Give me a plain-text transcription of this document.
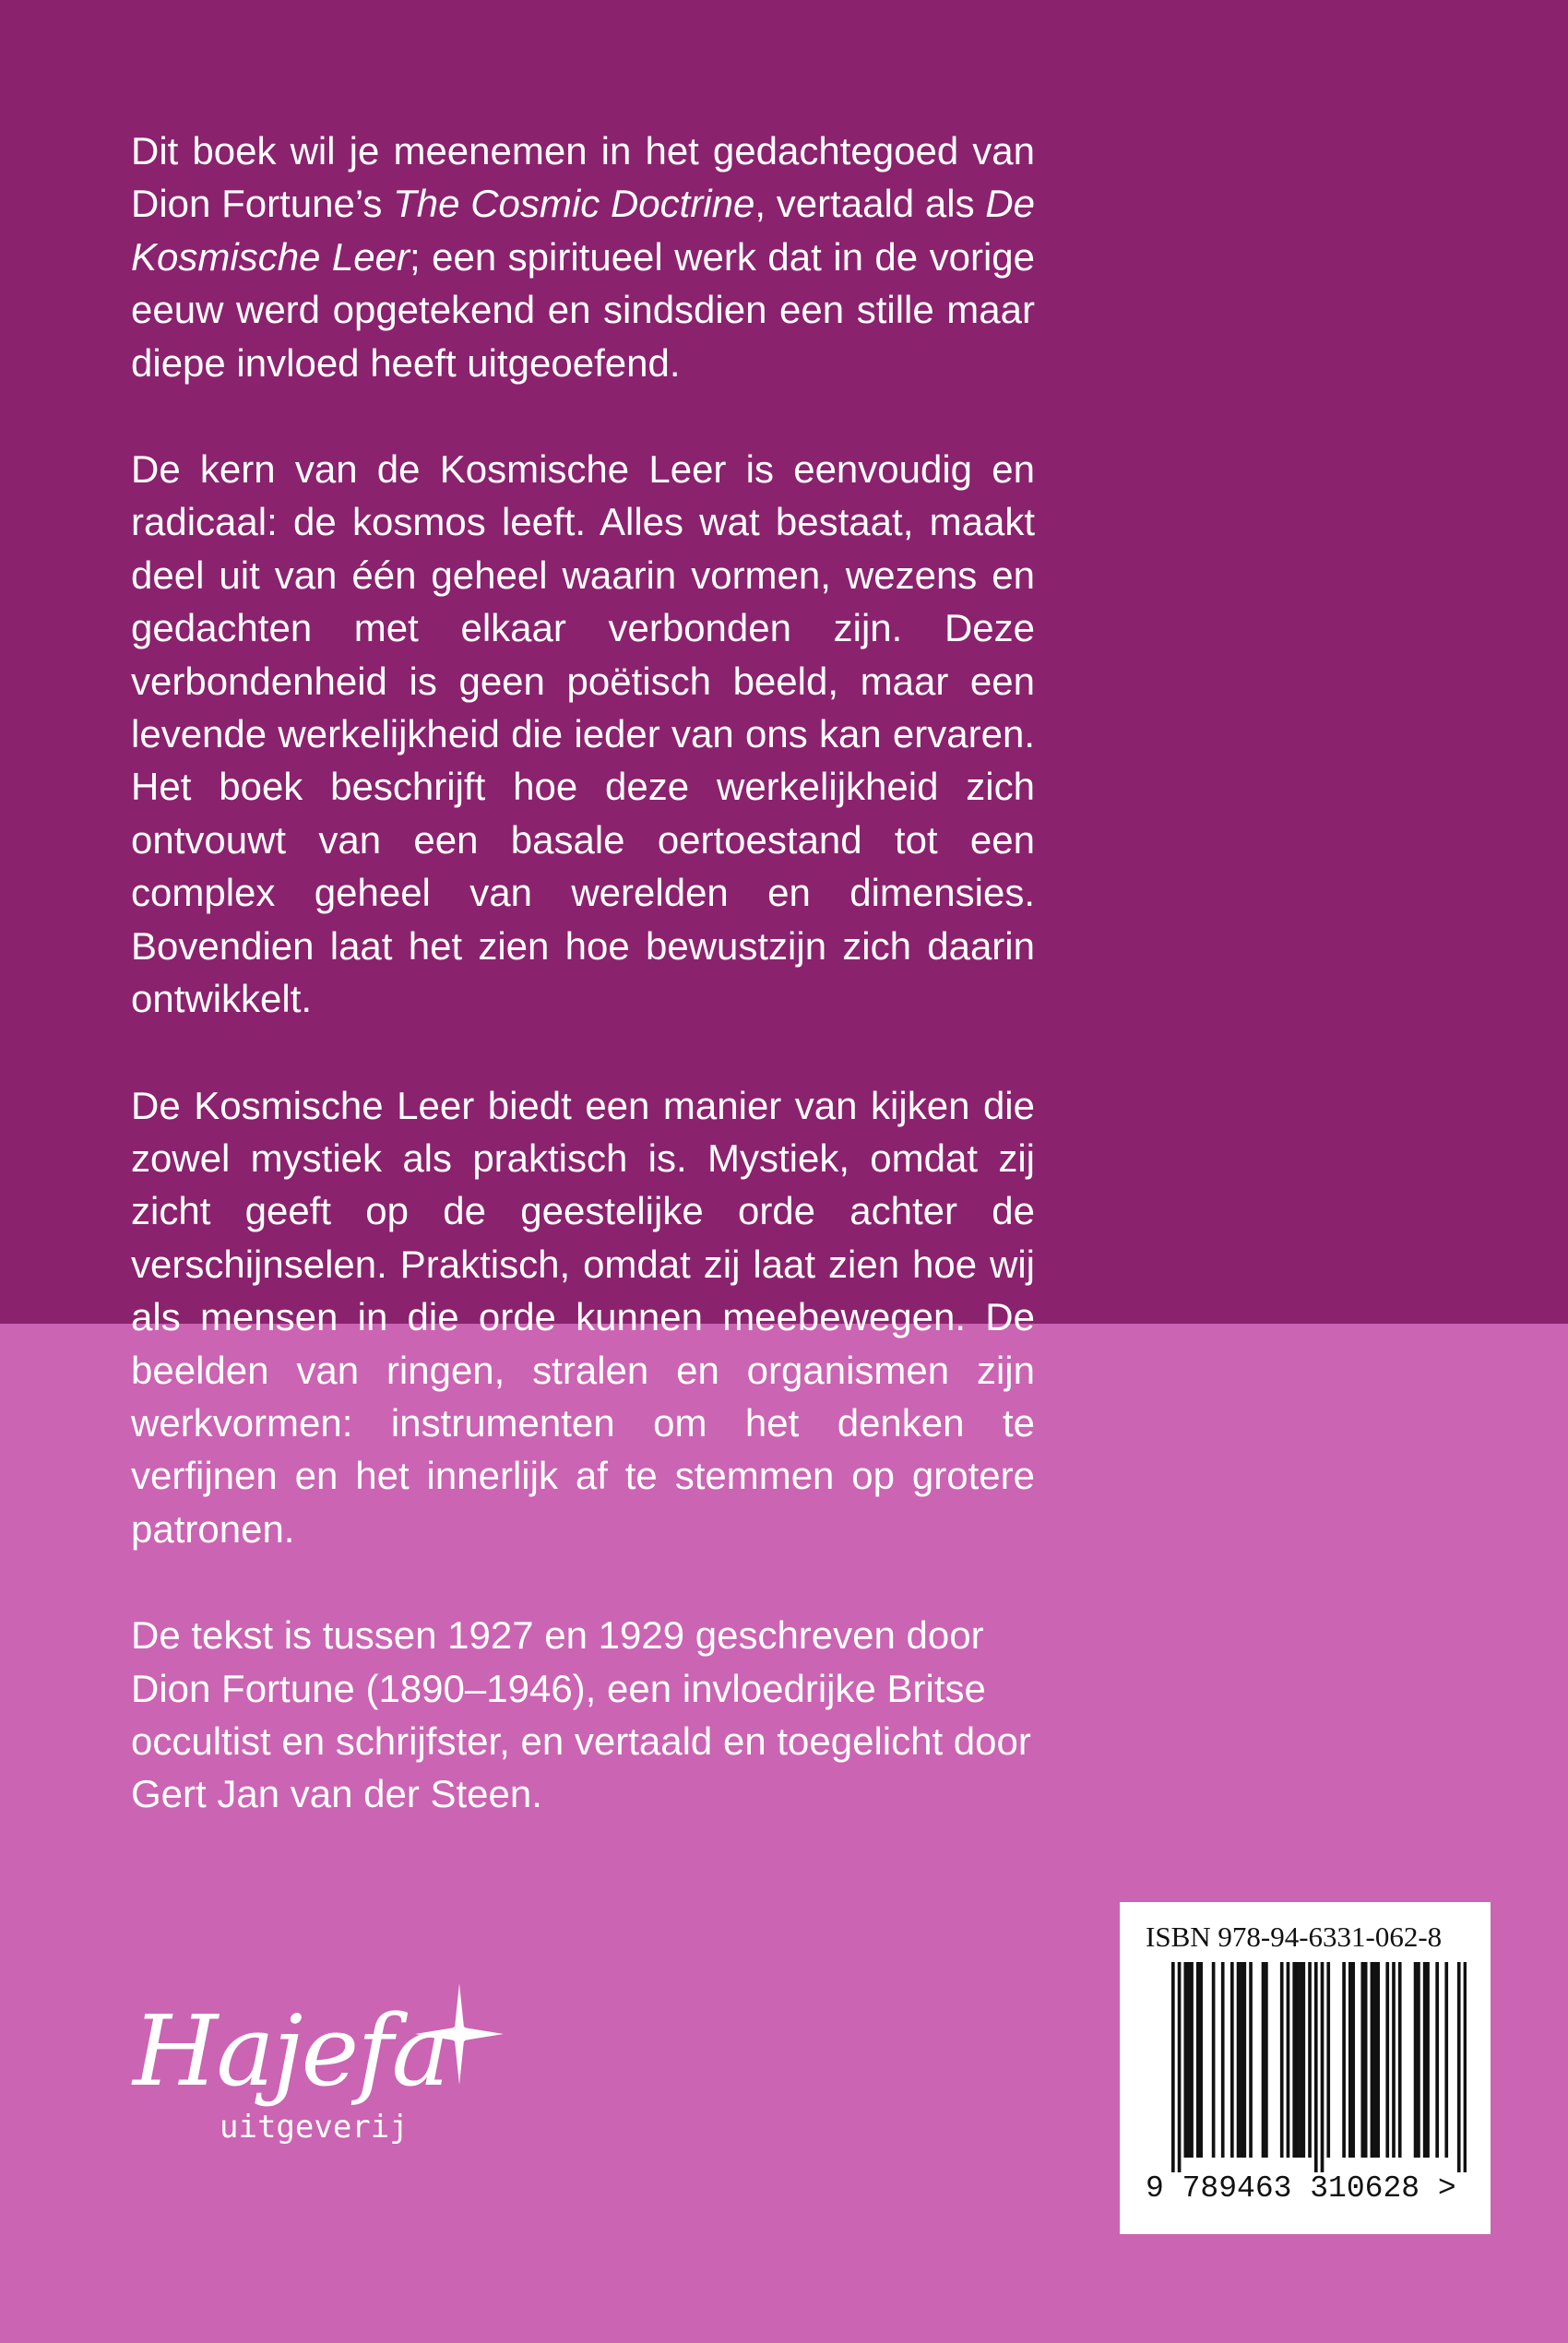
Dit boek wil je meenemen in het gedachtegoed van Dion Fortune’s The Cosmic Doctrine, vertaald als De Kosmische Leer; een spiritueel werk dat in de vorige eeuw werd opgetekend en sindsdien een stille maar diepe invloed heeft uitgeoefend.

De kern van de Kosmische Leer is eenvoudig en radicaal: de kosmos leeft. Alles wat bestaat, maakt deel uit van één geheel waarin vormen, wezens en gedachten met elkaar verbonden zijn. Deze verbondenheid is geen poëtisch beeld, maar een levende werkelijkheid die ieder van ons kan ervaren. Het boek beschrijft hoe deze werkelijkheid zich ontvouwt van een basale oertoestand tot een complex geheel van werelden en dimensies. Bovendien laat het zien hoe bewustzijn zich daarin ontwikkelt.

De Kosmische Leer biedt een manier van kijken die zowel mystiek als praktisch is. Mystiek, omdat zij zicht geeft op de geestelijke orde achter de verschijnselen. Praktisch, omdat zij laat zien hoe wij als mensen in die orde kunnen meebewegen. De beelden van ringen, stralen en organismen zijn werkvormen: instrumenten om het denken te verfijnen en het innerlijk af te stemmen op grotere patronen.

De tekst is tussen 1927 en 1929 geschreven door Dion Fortune (1890–1946), een invloedrijke Britse occultist en schrijfster, en vertaald en toegelicht door Gert Jan van der Steen.

Hajefa
uitgeverij
ISBN 978-94-6331-062-8
9 789463 310628 >
